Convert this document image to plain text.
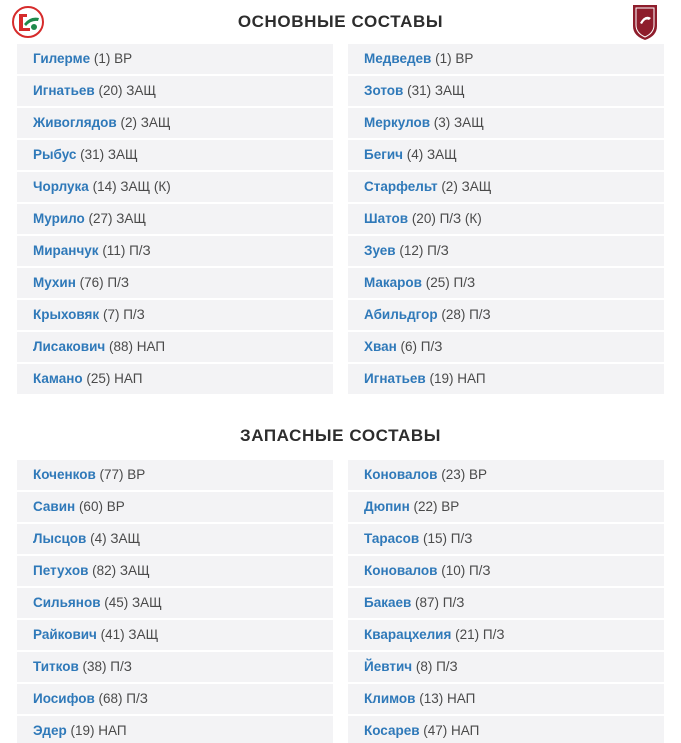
ОСНОВНЫЕ СОСТАВЫ
Гилерме (1) ВР
Игнатьев (20) ЗАЩ
Живоглядов (2) ЗАЩ
Рыбус (31) ЗАЩ
Чорлука (14) ЗАЩ (К)
Мурило (27) ЗАЩ
Миранчук (11) П/З
Мухин (76) П/З
Крыховяк (7) П/З
Лисакович (88) НАП
Камано (25) НАП
Медведев (1) ВР
Зотов (31) ЗАЩ
Меркулов (3) ЗАЩ
Бегич (4) ЗАЩ
Старфельт (2) ЗАЩ
Шатов (20) П/З (К)
Зуев (12) П/З
Макаров (25) П/З
Абильдгор (28) П/З
Хван (6) П/З
Игнатьев (19) НАП
ЗАПАСНЫЕ СОСТАВЫ
Коченков (77) ВР
Савин (60) ВР
Лысцов (4) ЗАЩ
Петухов (82) ЗАЩ
Сильянов (45) ЗАЩ
Райкович (41) ЗАЩ
Титков (38) П/З
Иосифов (68) П/З
Эдер (19) НАП
Коновалов (23) ВР
Дюпин (22) ВР
Тарасов (15) П/З
Коновалов (10) П/З
Бакаев (87) П/З
Кварацхелия (21) П/З
Йевтич (8) П/З
Климов (13) НАП
Косарев (47) НАП
